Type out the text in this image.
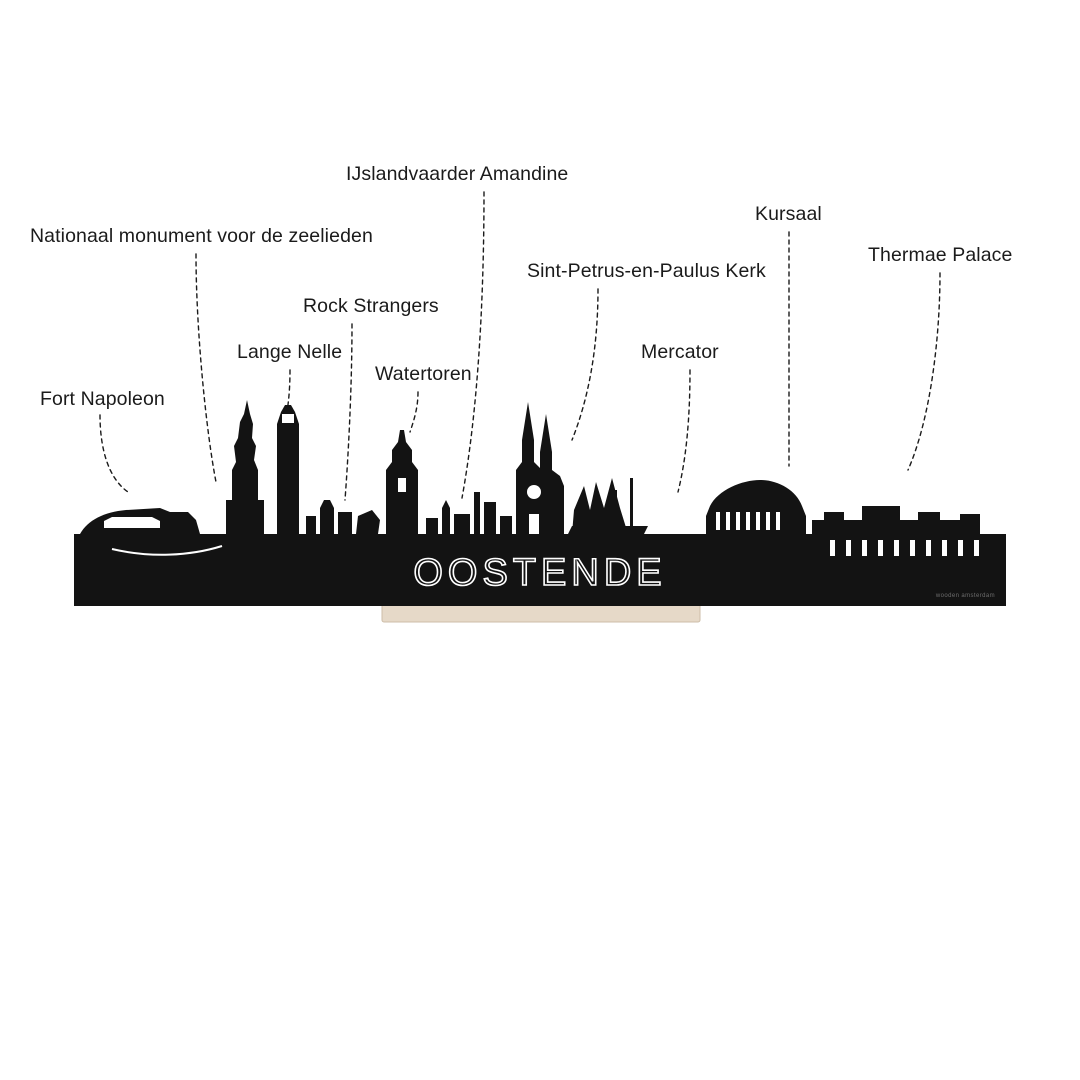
Fort Napoleon
Nationaal monument voor de zeelieden
Lange Nelle
Rock Strangers
Watertoren
IJslandvaarder Amandine
Sint-Petrus-en-Paulus Kerk
Mercator
Kursaal
Thermae Palace
OOSTENDE
wooden amsterdam
